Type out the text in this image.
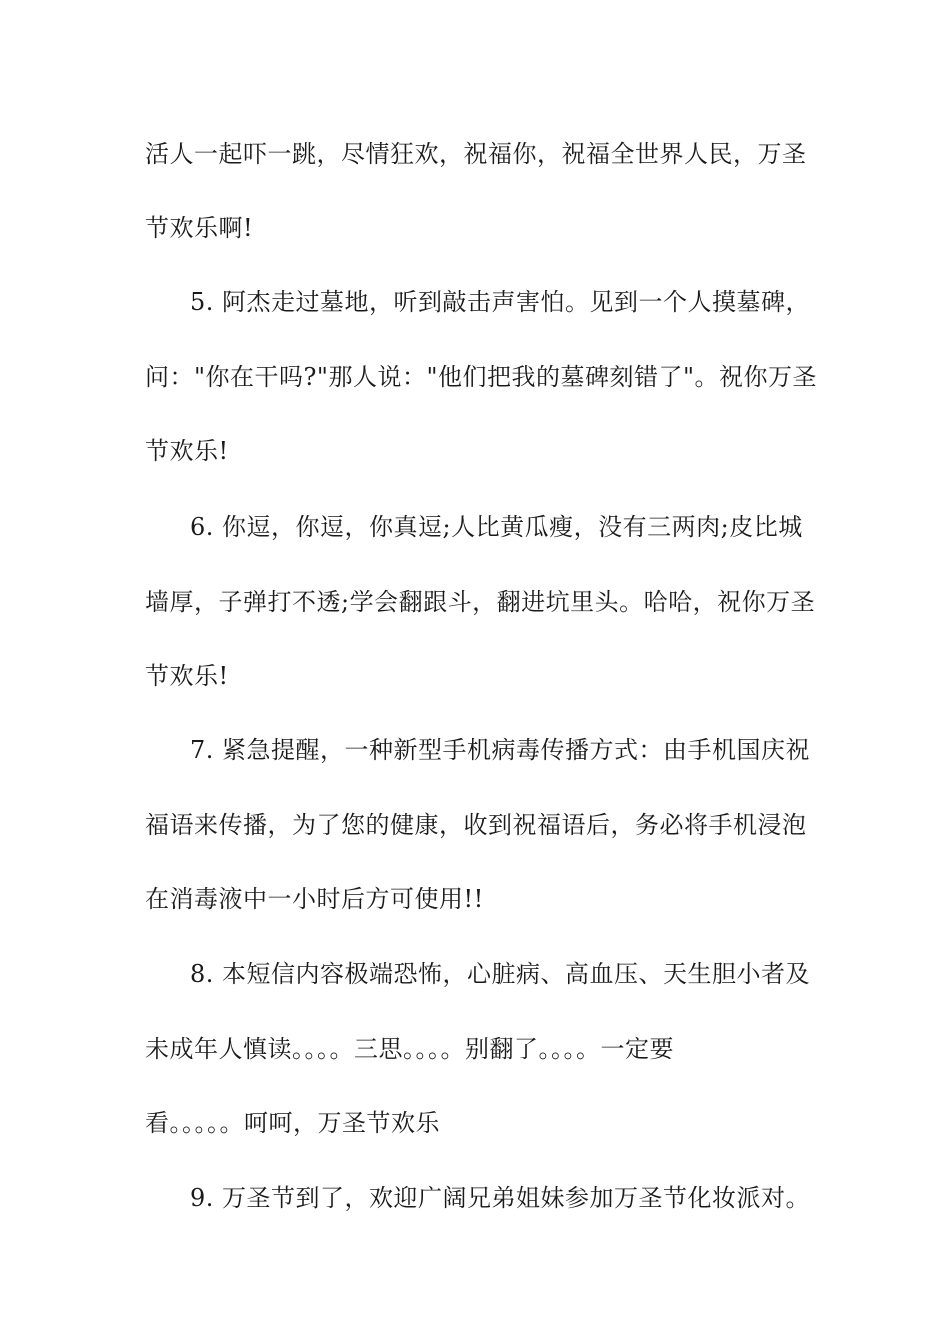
活人一起吓一跳，尽情狂欢，祝福你，祝福全世界人民，万圣
节欢乐啊!
5. 阿杰走过墓地，听到敲击声害怕。见到一个人摸墓碑，
问："你在干吗?"那人说："他们把我的墓碑刻错了"。祝你万圣
节欢乐!
6. 你逗，你逗，你真逗;人比黄瓜瘦，没有三两肉;皮比城
墙厚，子弹打不透;学会翻跟斗，翻进坑里头。哈哈，祝你万圣
节欢乐!
7. 紧急提醒，一种新型手机病毒传播方式：由手机国庆祝
福语来传播，为了您的健康，收到祝福语后，务必将手机浸泡
在消毒液中一小时后方可使用!!
8. 本短信内容极端恐怖，心脏病、高血压、天生胆小者及
未成年人慎读。。。。三思。。。。别翻了。。。。一定要
看。。。。。呵呵，万圣节欢乐
9. 万圣节到了，欢迎广阔兄弟姐妹参加万圣节化妆派对。
